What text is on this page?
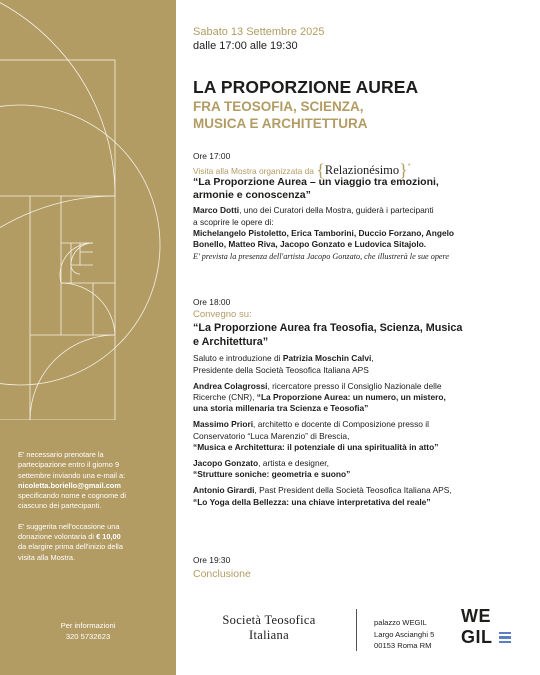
E' necessario prenotare la
partecipazione entro il giorno 9
settembre inviando una e-mail a:
nicoletta.boriello@gmail.com
specificando nome e cognome di
ciascuno dei partecipanti.

E' suggerita nell'occasione una
donazione volontaria di € 10,00
da elargire prima dell'inizio della
visita alla Mostra.

Per informazioni
320 5732623
Sabato 13 Settembre 2025
dalle 17:00 alle 19:30
LA PROPORZIONE AUREA
FRA TEOSOFIA, SCIENZA,
MUSICA E ARCHITETTURA
Ore 17:00
Visita alla Mostra organizzata da {Relazionésimo}*
“La Proporzione Aurea – un viaggio tra emozioni,
armonie e conoscenza”
Marco Dotti, uno dei Curatori della Mostra, guiderà i partecipanti
a scoprire le opere di:
Michelangelo Pistoletto, Erica Tamborini, Duccio Forzano, Angelo
Bonello, Matteo Riva, Jacopo Gonzato e Ludovica Sitajolo.
E' prevista la presenza dell'artista Jacopo Gonzato, che illustrerà le sue opere
Ore 18:00
Convegno su:
“La Proporzione Aurea fra Teosofia, Scienza, Musica
e Architettura”
Saluto e introduzione di Patrizia Moschin Calvi,
Presidente della Società Teosofica Italiana APS
Andrea Colagrossi, ricercatore presso il Consiglio Nazionale delle
Ricerche (CNR), “La Proporzione Aurea: un numero, un mistero,
una storia millenaria tra Scienza e Teosofia”
Massimo Priori, architetto e docente di Composizione presso il
Conservatorio “Luca Marenzio” di Brescia,
“Musica e Architettura: il potenziale di una spiritualità in atto”
Jacopo Gonzato, artista e designer,
“Strutture soniche: geometria e suono”
Antonio Girardi, Past President della Società Teosofica Italiana APS,
“Lo Yoga della Bellezza: una chiave interpretativa del reale”
Ore 19:30
Conclusione
Società Teosofica
Italiana
palazzo WEGIL
Largo Ascianghi 5
00153 Roma RM
WE
GIL
